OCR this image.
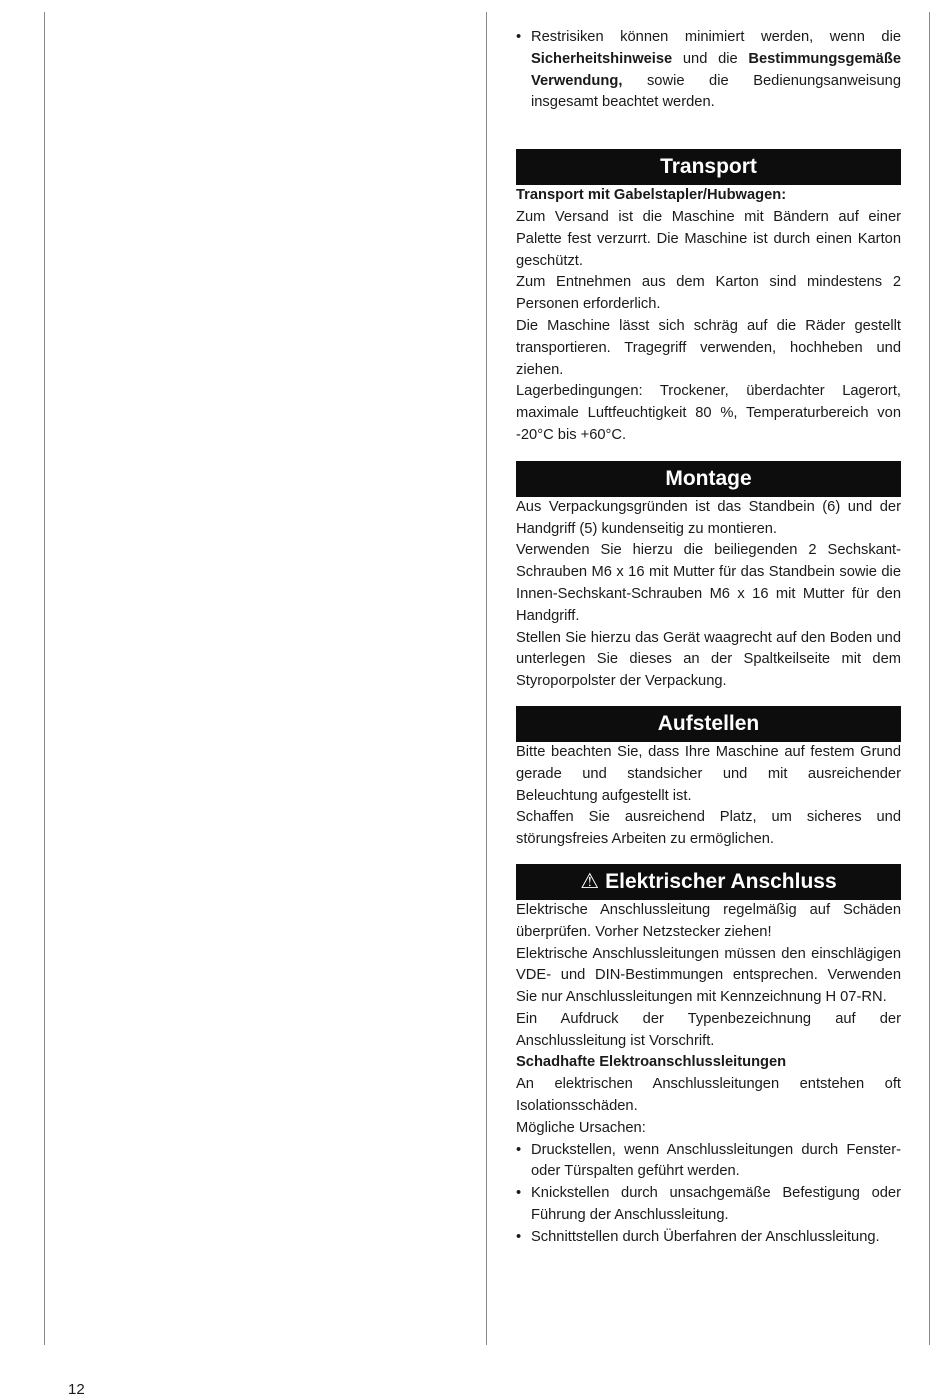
• Restrisiken können minimiert werden, wenn die Sicherheitshinweise und die Bestimmungsgemäße Verwendung, sowie die Bedienungsanweisung insgesamt beachtet werden.

Transport

Transport mit Gabelstapler/Hubwagen:

Zum Versand ist die Maschine mit Bändern auf einer Palette fest verzurrt. Die Maschine ist durch einen Karton geschützt.

Zum Entnehmen aus dem Karton sind mindestens 2 Personen erforderlich.

Die Maschine lässt sich schräg auf die Räder gestellt transportieren. Tragegriff verwenden, hochheben und ziehen.

Lagerbedingungen: Trockener, überdachter Lagerort, maximale Luftfeuchtigkeit 80 %, Temperaturbereich von -20°C bis +60°C.

Montage

Aus Verpackungsgründen ist das Standbein (6) und der Handgriff (5) kundenseitig zu montieren.

Verwenden Sie hierzu die beiliegenden 2 Sechskant-Schrauben M6 x 16 mit Mutter für das Standbein sowie die Innen-Sechskant-Schrauben M6 x 16 mit Mutter für den Handgriff.

Stellen Sie hierzu das Gerät waagrecht auf den Boden und unterlegen Sie dieses an der Spaltkeilseite mit dem Styroporpolster der Verpackung.

Aufstellen

Bitte beachten Sie, dass Ihre Maschine auf festem Grund gerade und standsicher und mit ausreichender Beleuchtung aufgestellt ist.

Schaffen Sie ausreichend Platz, um sicheres und störungsfreies Arbeiten zu ermöglichen.

⚠ Elektrischer Anschluss

Elektrische Anschlussleitung regelmäßig auf Schäden überprüfen. Vorher Netzstecker ziehen!

Elektrische Anschlussleitungen müssen den einschlägigen VDE- und DIN-Bestimmungen entsprechen. Verwenden Sie nur Anschlussleitungen mit Kennzeichnung H 07-RN.

Ein Aufdruck der Typenbezeichnung auf der Anschlussleitung ist Vorschrift.

Schadhafte Elektroanschlussleitungen

An elektrischen Anschlussleitungen entstehen oft Isolationsschäden.

Mögliche Ursachen:

• Druckstellen, wenn Anschlussleitungen durch Fenster- oder Türspalten geführt werden.

• Knickstellen durch unsachgemäße Befestigung oder Führung der Anschlussleitung.

• Schnittstellen durch Überfahren der Anschlussleitung.

12
